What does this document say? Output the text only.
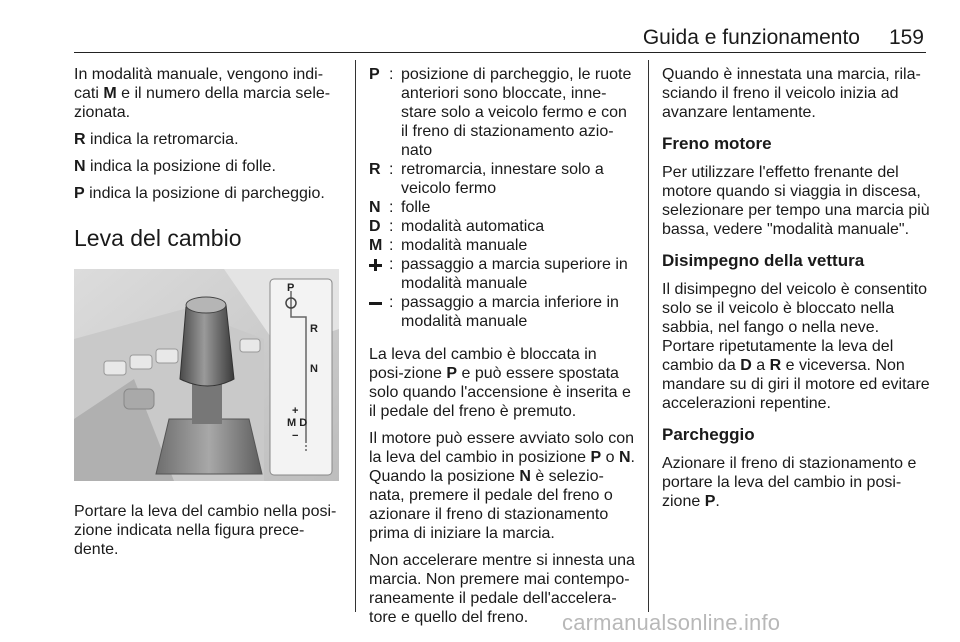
Guida e funzionamento 159

In modalità manuale, vengono indi-cati M e il numero della marcia sele-zionata.

R indica la retromarcia.

N indica la posizione di folle.

P indica la posizione di parcheggio.

Leva del cambio
P
R
N
+
M D
−

Portare la leva del cambio nella posi-zione indicata nella figura prece-dente.

P : posizione di parcheggio, le ruote anteriori sono bloccate, inne-stare solo a veicolo fermo e con il freno di stazionamento azio-nato
R : retromarcia, innestare solo a veicolo fermo
N : folle
D : modalità automatica
M : modalità manuale
: passaggio a marcia superiore in modalità manuale
: passaggio a marcia inferiore in modalità manuale

La leva del cambio è bloccata in posi-zione P e può essere spostata solo quando l'accensione è inserita e il pedale del freno è premuto.

Il motore può essere avviato solo con la leva del cambio in posizione P o N. Quando la posizione N è selezio-nata, premere il pedale del freno o azionare il freno di stazionamento prima di iniziare la marcia.

Non accelerare mentre si innesta una marcia. Non premere mai contempo-raneamente il pedale dell'accelera-tore e quello del freno.

Quando è innestata una marcia, rila-sciando il freno il veicolo inizia ad avanzare lentamente.

Freno motore

Per utilizzare l'effetto frenante del motore quando si viaggia in discesa, selezionare per tempo una marcia più bassa, vedere "modalità manuale".

Disimpegno della vettura

Il disimpegno del veicolo è consentito solo se il veicolo è bloccato nella sabbia, nel fango o nella neve.

Portare ripetutamente la leva del cambio da D a R e viceversa. Non mandare su di giri il motore ed evitare accelerazioni repentine.

Parcheggio

Azionare il freno di stazionamento e portare la leva del cambio in posi-zione P.

carmanualsonline.info
